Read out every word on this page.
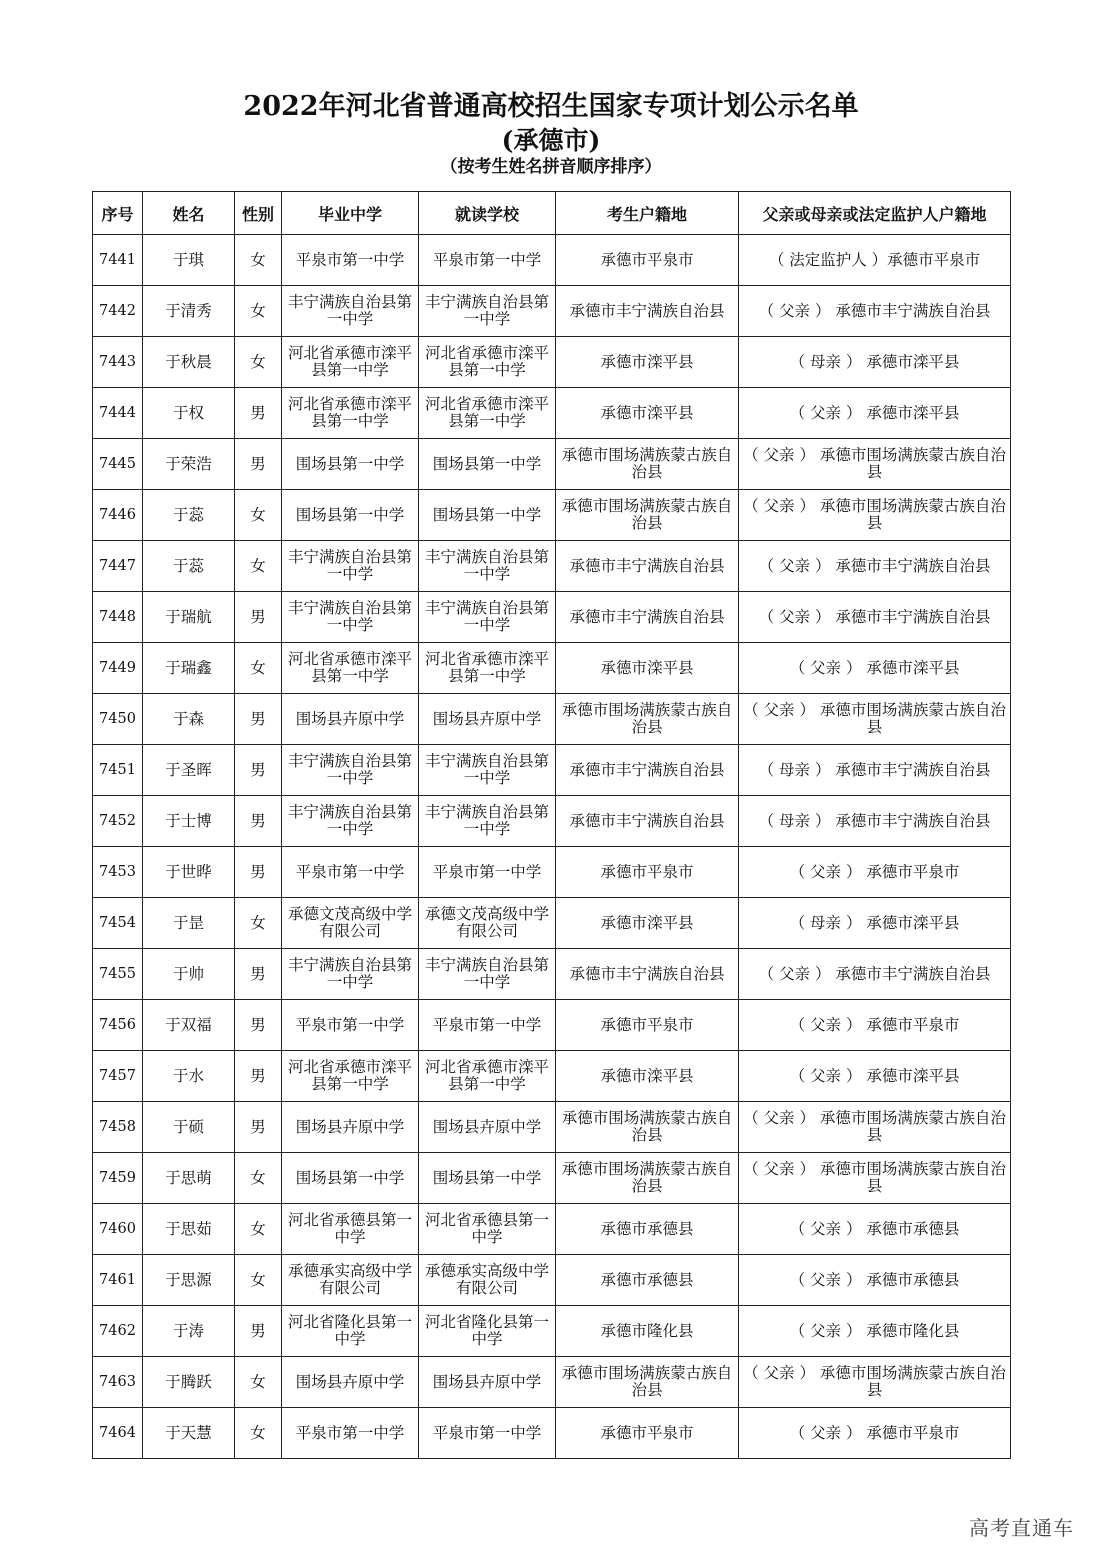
2022年河北省普通高校招生国家专项计划公示名单
(承德市)
（按考生姓名拼音顺序排序）
序号	姓名	性别	毕业中学	就读学校	考生户籍地	父亲或母亲或法定监护人户籍地
7441	于琪	女	平泉市第一中学	平泉市第一中学	承德市平泉市	（ 法定监护人 ）承德市平泉市
7442	于清秀	女	丰宁满族自治县第一中学	丰宁满族自治县第一中学	承德市丰宁满族自治县	（ 父亲 ） 承德市丰宁满族自治县
7443	于秋晨	女	河北省承德市滦平县第一中学	河北省承德市滦平县第一中学	承德市滦平县	（ 母亲 ） 承德市滦平县
7444	于权	男	河北省承德市滦平县第一中学	河北省承德市滦平县第一中学	承德市滦平县	（ 父亲 ） 承德市滦平县
7445	于荣浩	男	围场县第一中学	围场县第一中学	承德市围场满族蒙古族自治县	（ 父亲 ） 承德市围场满族蒙古族自治县
7446	于蕊	女	围场县第一中学	围场县第一中学	承德市围场满族蒙古族自治县	（ 父亲 ） 承德市围场满族蒙古族自治县
7447	于蕊	女	丰宁满族自治县第一中学	丰宁满族自治县第一中学	承德市丰宁满族自治县	（ 父亲 ） 承德市丰宁满族自治县
7448	于瑞航	男	丰宁满族自治县第一中学	丰宁满族自治县第一中学	承德市丰宁满族自治县	（ 父亲 ） 承德市丰宁满族自治县
7449	于瑞鑫	女	河北省承德市滦平县第一中学	河北省承德市滦平县第一中学	承德市滦平县	（ 父亲 ） 承德市滦平县
7450	于森	男	围场县卉原中学	围场县卉原中学	承德市围场满族蒙古族自治县	（ 父亲 ） 承德市围场满族蒙古族自治县
7451	于圣晖	男	丰宁满族自治县第一中学	丰宁满族自治县第一中学	承德市丰宁满族自治县	（ 母亲 ） 承德市丰宁满族自治县
7452	于士博	男	丰宁满族自治县第一中学	丰宁满族自治县第一中学	承德市丰宁满族自治县	（ 母亲 ） 承德市丰宁满族自治县
7453	于世晔	男	平泉市第一中学	平泉市第一中学	承德市平泉市	（ 父亲 ） 承德市平泉市
7454	于昰	女	承德文茂高级中学有限公司	承德文茂高级中学有限公司	承德市滦平县	（ 母亲 ） 承德市滦平县
7455	于帅	男	丰宁满族自治县第一中学	丰宁满族自治县第一中学	承德市丰宁满族自治县	（ 父亲 ） 承德市丰宁满族自治县
7456	于双福	男	平泉市第一中学	平泉市第一中学	承德市平泉市	（ 父亲 ） 承德市平泉市
7457	于水	男	河北省承德市滦平县第一中学	河北省承德市滦平县第一中学	承德市滦平县	（ 父亲 ） 承德市滦平县
7458	于硕	男	围场县卉原中学	围场县卉原中学	承德市围场满族蒙古族自治县	（ 父亲 ） 承德市围场满族蒙古族自治县
7459	于思萌	女	围场县第一中学	围场县第一中学	承德市围场满族蒙古族自治县	（ 父亲 ） 承德市围场满族蒙古族自治县
7460	于思茹	女	河北省承德县第一中学	河北省承德县第一中学	承德市承德县	（ 父亲 ） 承德市承德县
7461	于思源	女	承德承实高级中学有限公司	承德承实高级中学有限公司	承德市承德县	（ 父亲 ） 承德市承德县
7462	于涛	男	河北省隆化县第一中学	河北省隆化县第一中学	承德市隆化县	（ 父亲 ） 承德市隆化县
7463	于腾跃	女	围场县卉原中学	围场县卉原中学	承德市围场满族蒙古族自治县	（ 父亲 ） 承德市围场满族蒙古族自治县
7464	于天慧	女	平泉市第一中学	平泉市第一中学	承德市平泉市	（ 父亲 ） 承德市平泉市
高考直通车
